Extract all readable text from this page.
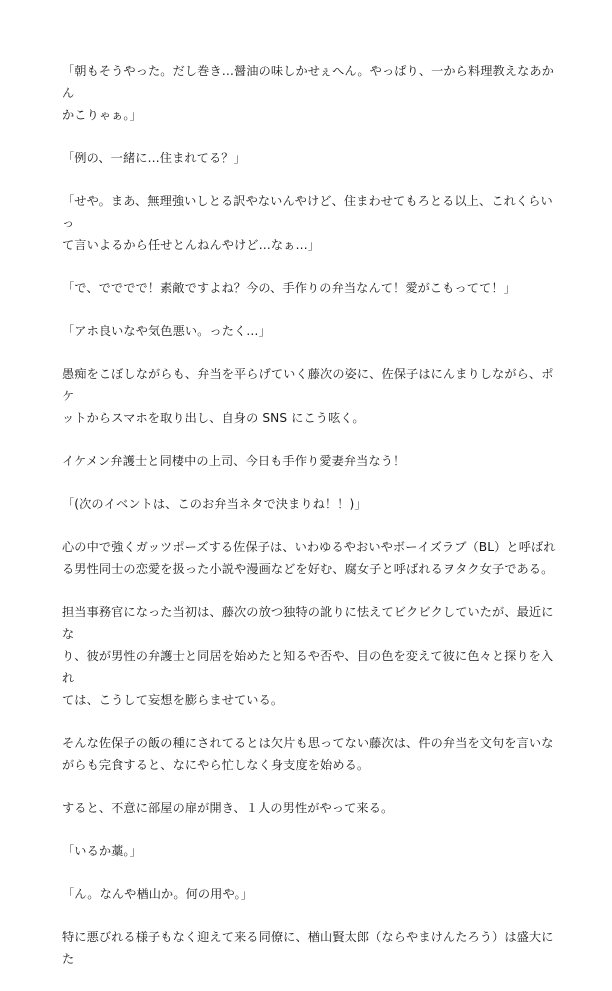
「朝もそうやった。だし巻き…醤油の味しかせぇへん。やっぱり、一から料理教えなあかん
かこりゃぁ。」

「例の、一緒に…住まれてる？」

「せや。まあ、無理強いしとる訳やないんやけど、住まわせてもろとる以上、これくらいっ
て言いよるから任せとんねんやけど…なぁ…」

「で、でででで！素敵ですよね？今の、手作りの弁当なんて！愛がこもってて！」

「アホ良いなや気色悪い。ったく…」

愚痴をこぼしながらも、弁当を平らげていく藤次の姿に、佐保子はにんまりしながら、ポケ
ットからスマホを取り出し、自身の SNS にこう呟く。

イケメン弁護士と同棲中の上司、今日も手作り愛妻弁当なう！

「(次のイベントは、このお弁当ネタで決まりね！！)」

心の中で強くガッツポーズする佐保子は、いわゆるやおいやボーイズラブ（BL）と呼ばれ
る男性同士の恋愛を扱った小説や漫画などを好む、腐女子と呼ばれるヲタク女子である。

担当事務官になった当初は、藤次の放つ独特の訛りに怯えてビクビクしていたが、最近にな
り、彼が男性の弁護士と同居を始めたと知るや否や、目の色を変えて彼に色々と探りを入れ
ては、こうして妄想を膨らませている。

そんな佐保子の飯の種にされてるとは欠片も思ってない藤次は、件の弁当を文句を言いな
がらも完食すると、なにやら忙しなく身支度を始める。

すると、不意に部屋の扉が開き、１人の男性がやって来る。

「いるか藁。」

「ん。なんや楢山か。何の用や。」

特に悪びれる様子もなく迎えて来る同僚に、楢山賢太郎（ならやまけんたろう）は盛大にた
